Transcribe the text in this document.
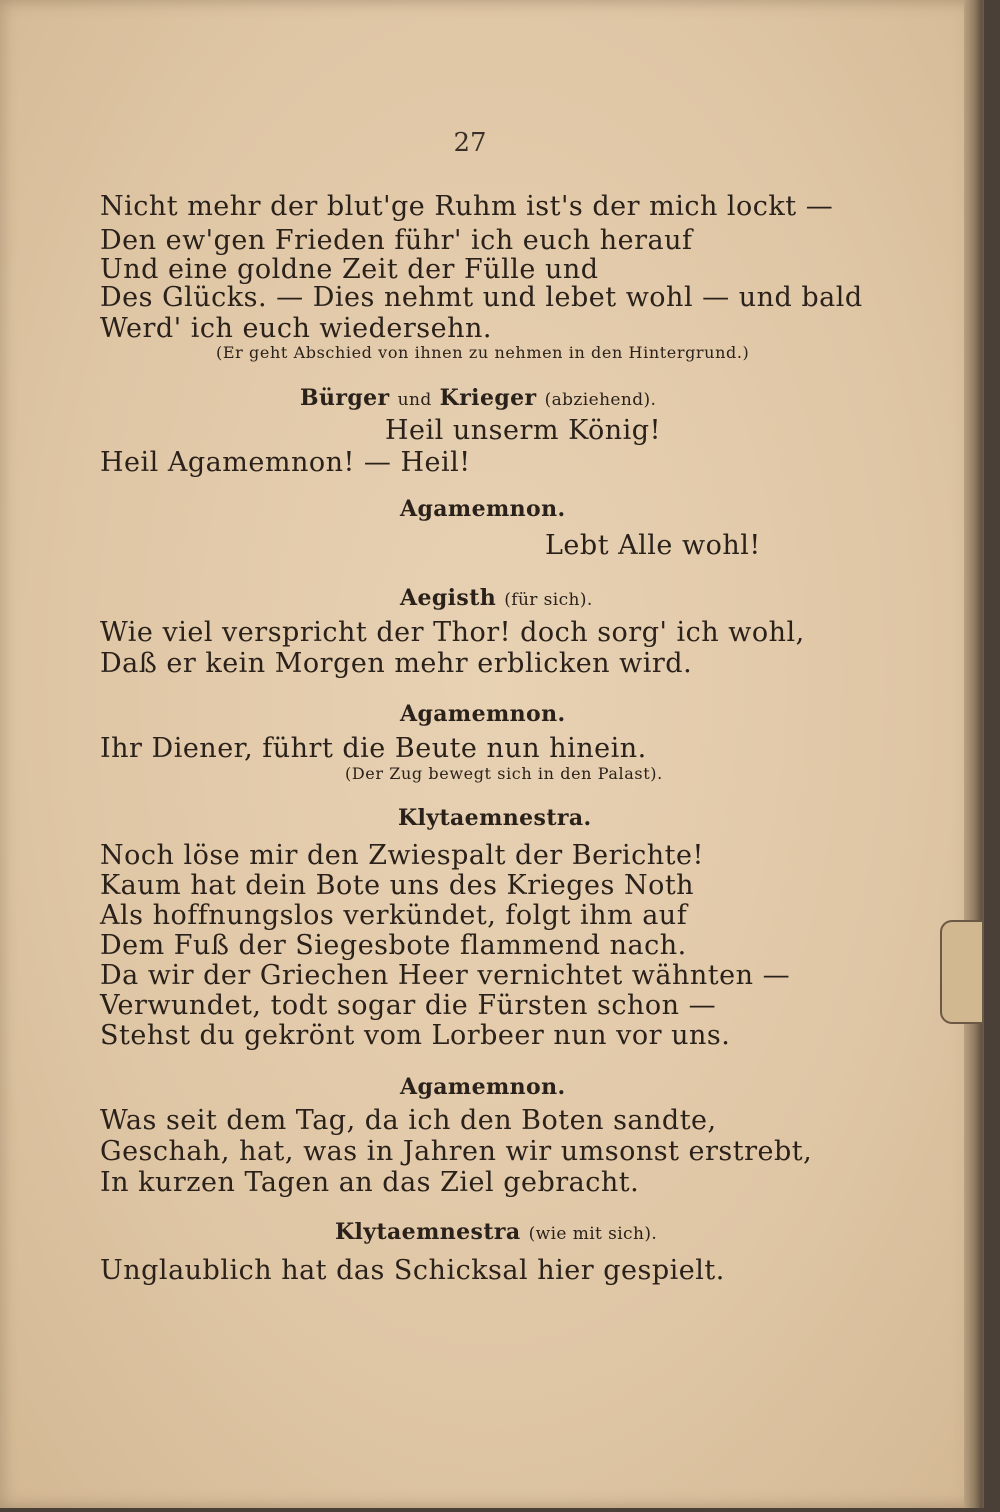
27
Nicht mehr der blut'ge Ruhm ist's der mich lockt —
Den ew'gen Frieden führ' ich euch herauf
Und eine goldne Zeit der Fülle und
Des Glücks. — Dies nehmt und lebet wohl — und bald
Werd' ich euch wiedersehn.
(Er geht Abschied von ihnen zu nehmen in den Hintergrund.)
Bürger und Krieger (abziehend).
Heil unserm König!
Heil Agamemnon! — Heil!
Agamemnon.
Lebt Alle wohl!
Aegisth (für sich).
Wie viel verspricht der Thor! doch sorg' ich wohl,
Daß er kein Morgen mehr erblicken wird.
Agamemnon.
Ihr Diener, führt die Beute nun hinein.
(Der Zug bewegt sich in den Palast).
Klytaemnestra.
Noch löse mir den Zwiespalt der Berichte!
Kaum hat dein Bote uns des Krieges Noth
Als hoffnungslos verkündet, folgt ihm auf
Dem Fuß der Siegesbote flammend nach.
Da wir der Griechen Heer vernichtet wähnten —
Verwundet, todt sogar die Fürsten schon —
Stehst du gekrönt vom Lorbeer nun vor uns.
Agamemnon.
Was seit dem Tag, da ich den Boten sandte,
Geschah, hat, was in Jahren wir umsonst erstrebt,
In kurzen Tagen an das Ziel gebracht.
Klytaemnestra (wie mit sich).
Unglaublich hat das Schicksal hier gespielt.
